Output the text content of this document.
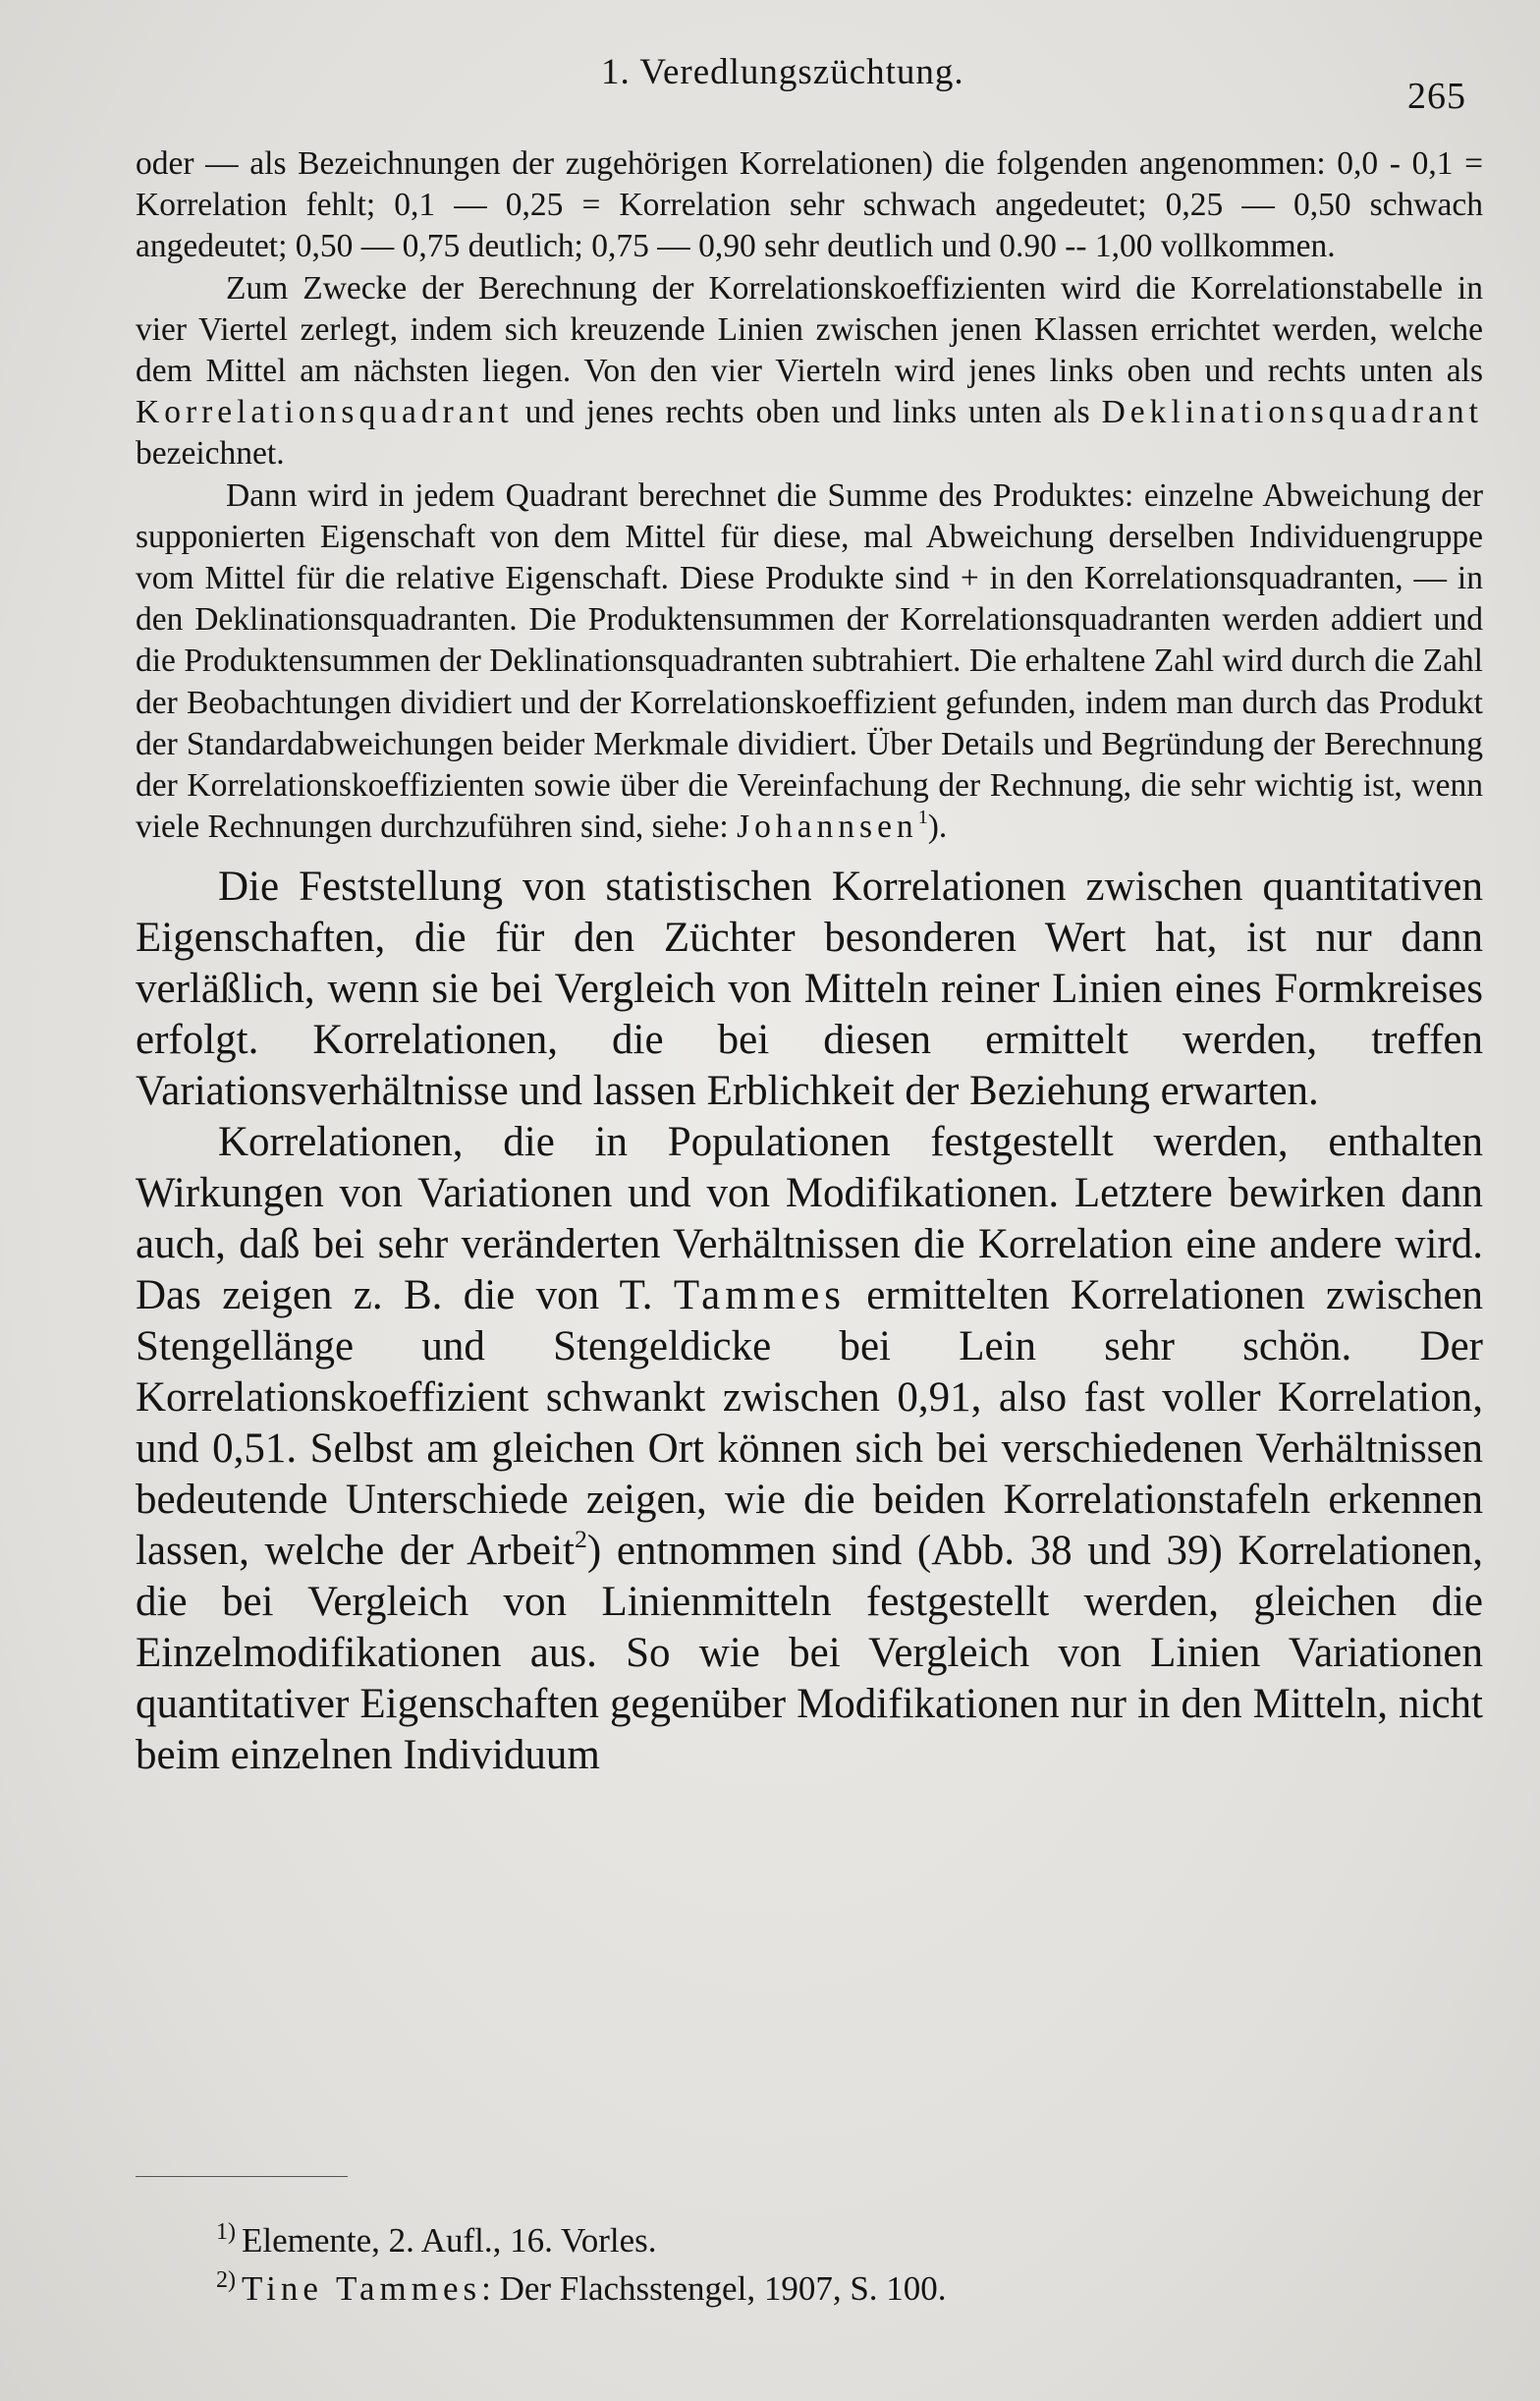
1. Veredlungszüchtung.
265

oder — als Bezeichnungen der zugehörigen Korrelationen) die folgenden angenommen: 0,0 - 0,1 = Korrelation fehlt; 0,1 — 0,25 = Korrelation sehr schwach angedeutet; 0,25 — 0,50 schwach angedeutet; 0,50 — 0,75 deutlich; 0,75 — 0,90 sehr deutlich und 0.90 -- 1,00 vollkommen.

Zum Zwecke der Berechnung der Korrelationskoeffizienten wird die Korrelationstabelle in vier Viertel zerlegt, indem sich kreuzende Linien zwischen jenen Klassen errichtet werden, welche dem Mittel am nächsten liegen. Von den vier Vierteln wird jenes links oben und rechts unten als Korrelationsquadrant und jenes rechts oben und links unten als Deklinationsquadrant bezeichnet.

Dann wird in jedem Quadrant berechnet die Summe des Produktes: einzelne Abweichung der supponierten Eigenschaft von dem Mittel für diese, mal Abweichung derselben Individuengruppe vom Mittel für die relative Eigenschaft. Diese Produkte sind + in den Korrelationsquadranten, — in den Deklinationsquadranten. Die Produktensummen der Korrelationsquadranten werden addiert und die Produktensummen der Deklinationsquadranten subtrahiert. Die erhaltene Zahl wird durch die Zahl der Beobachtungen dividiert und der Korrelationskoeffizient gefunden, indem man durch das Produkt der Standardabweichungen beider Merkmale dividiert. Über Details und Begründung der Berechnung der Korrelationskoeffizienten sowie über die Vereinfachung der Rechnung, die sehr wichtig ist, wenn viele Rechnungen durchzuführen sind, siehe: Johannsen$^1$).

Die Feststellung von statistischen Korrelationen zwischen quantitativen Eigenschaften, die für den Züchter besonderen Wert hat, ist nur dann verläßlich, wenn sie bei Vergleich von Mitteln reiner Linien eines Formkreises erfolgt. Korrelationen, die bei diesen ermittelt werden, treffen Variationsverhältnisse und lassen Erblichkeit der Beziehung erwarten.

Korrelationen, die in Populationen festgestellt werden, enthalten Wirkungen von Variationen und von Modifikationen. Letztere bewirken dann auch, daß bei sehr veränderten Verhältnissen die Korrelation eine andere wird. Das zeigen z. B. die von T. Tammes ermittelten Korrelationen zwischen Stengellänge und Stengeldicke bei Lein sehr schön. Der Korrelationskoeffizient schwankt zwischen 0,91, also fast voller Korrelation, und 0,51. Selbst am gleichen Ort können sich bei verschiedenen Verhältnissen bedeutende Unterschiede zeigen, wie die beiden Korrelationstafeln erkennen lassen, welche der Arbeit$^2$) entnommen sind (Abb. 38 und 39) Korrelationen, die bei Vergleich von Linienmitteln festgestellt werden, gleichen die Einzelmodifikationen aus. So wie bei Vergleich von Linien Variationen quantitativer Eigenschaften gegenüber Modifikationen nur in den Mitteln, nicht beim einzelnen Individuum

1) Elemente, 2. Aufl., 16. Vorles.
2) Tine Tammes: Der Flachsstengel, 1907, S. 100.
